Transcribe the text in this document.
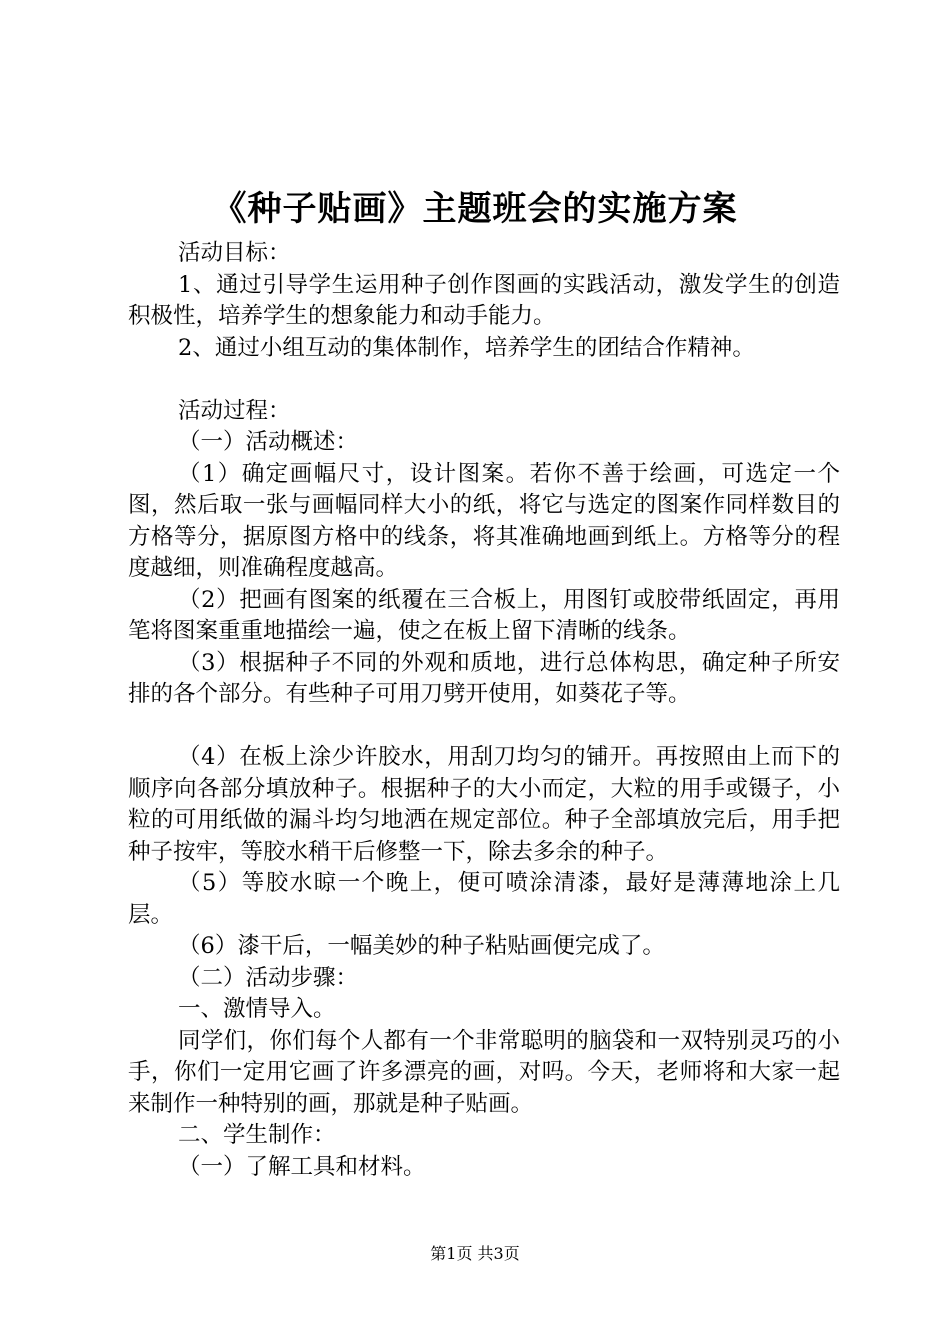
《种子贴画》主题班会的实施方案

活动目标：

1、通过引导学生运用种子创作图画的实践活动，激发学生的创造积极性，培养学生的想象能力和动手能力。

2、通过小组互动的集体制作，培养学生的团结合作精神。

活动过程：

（一）活动概述：

（1）确定画幅尺寸，设计图案。若你不善于绘画，可选定一个图，然后取一张与画幅同样大小的纸，将它与选定的图案作同样数目的方格等分，据原图方格中的线条，将其准确地画到纸上。方格等分的程度越细，则准确程度越高。

（2）把画有图案的纸覆在三合板上，用图钉或胶带纸固定，再用笔将图案重重地描绘一遍，使之在板上留下清晰的线条。

（3）根据种子不同的外观和质地，进行总体构思，确定种子所安排的各个部分。有些种子可用刀劈开使用，如葵花子等。

（4）在板上涂少许胶水，用刮刀均匀的铺开。再按照由上而下的顺序向各部分填放种子。根据种子的大小而定，大粒的用手或镊子，小粒的可用纸做的漏斗均匀地洒在规定部位。种子全部填放完后，用手把种子按牢，等胶水稍干后修整一下，除去多余的种子。

（5）等胶水晾一个晚上，便可喷涂清漆，最好是薄薄地涂上几层。

（6）漆干后，一幅美妙的种子粘贴画便完成了。

（二）活动步骤：

一、激情导入。

同学们，你们每个人都有一个非常聪明的脑袋和一双特别灵巧的小手，你们一定用它画了许多漂亮的画，对吗。今天，老师将和大家一起来制作一种特别的画，那就是种子贴画。

二、学生制作：

（一）了解工具和材料。

第1页 共3页
